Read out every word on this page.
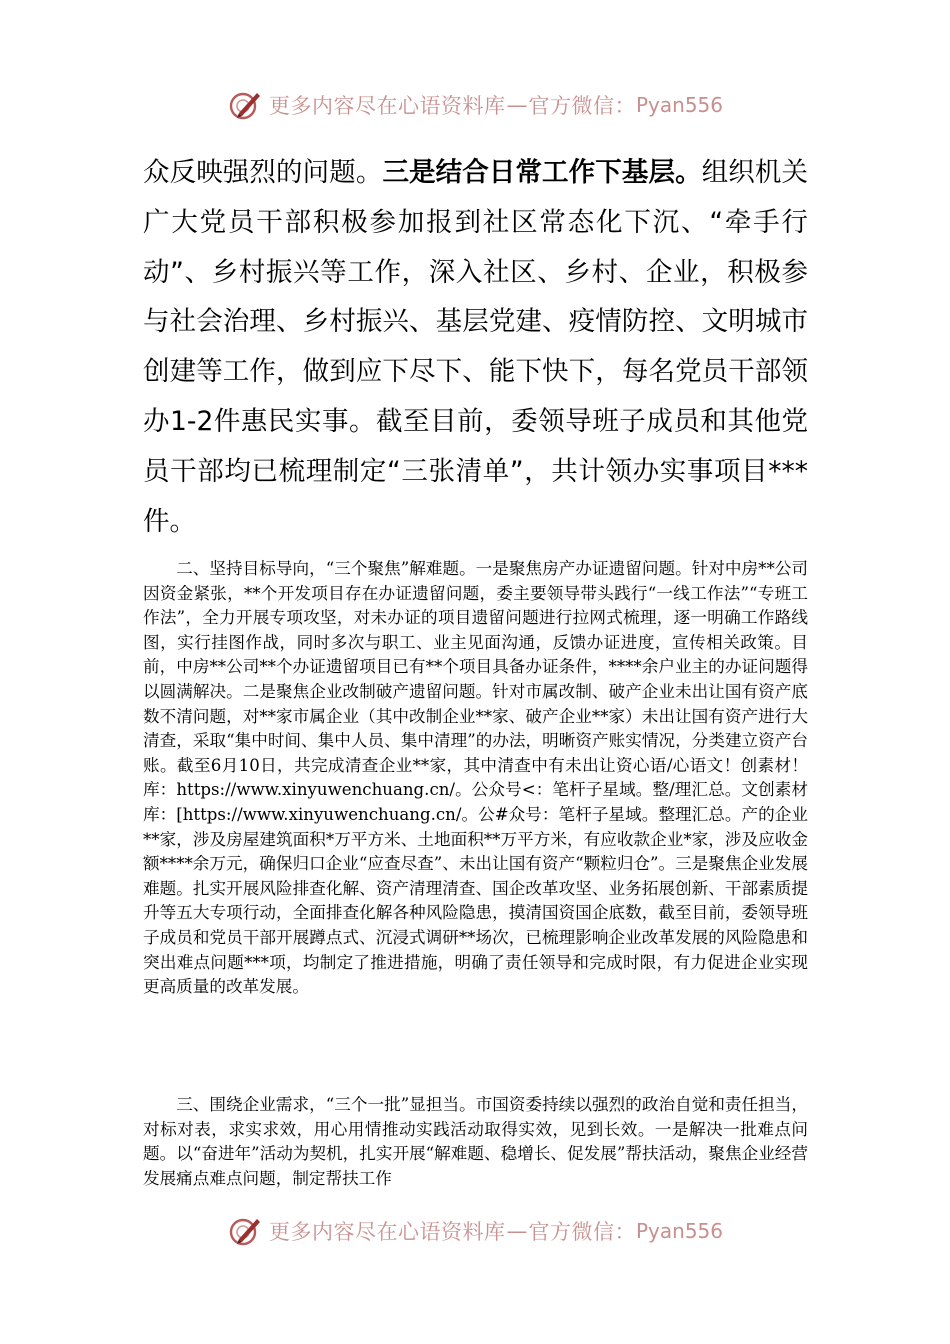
更多内容尽在心语资料库 — 官方微信： Pyan556

众反映强烈的问题。三是结合日常工作下基层。组织机关广大党员干部积极参加报到社区常态化下沉、“牵手行动”、乡村振兴等工作，深入社区、乡村、企业，积极参与社会治理、乡村振兴、基层党建、疫情防控、文明城市创建等工作，做到应下尽下、能下快下，每名党员干部领办1-2件惠民实事。截至目前，委领导班子成员和其他党员干部均已梳理制定“三张清单”，共计领办实事项目***件。

二、坚持目标导向，“三个聚焦”解难题。一是聚焦房产办证遗留问题。针对中房**公司因资金紧张，**个开发项目存在办证遗留问题，委主要领导带头践行“一线工作法”“专班工作法”，全力开展专项攻坚，对未办证的项目遗留问题进行拉网式梳理，逐一明确工作路线图，实行挂图作战，同时多次与职工、业主见面沟通，反馈办证进度，宣传相关政策。目前，中房**公司**个办证遗留项目已有**个项目具备办证条件，****余户业主的办证问题得以圆满解决。二是聚焦企业改制破产遗留问题。针对市属改制、破产企业未出让国有资产底数不清问题，对**家市属企业（其中改制企业**家、破产企业**家）未出让国有资产进行大清查，采取“集中时间、集中人员、集中清理”的办法，明晰资产账实情况，分类建立资产台账。截至6月10日，共完成清查企业**家，其中清查中有未出让资心语/心语文！创素材！库：https://www.xinyuwenchuang.cn/。公众号<：笔杆子星域。整/理汇总。文创素材库：[https://www.xinyuwenchuang.cn/。公#众号：笔杆子星域。整理汇总。产的企业**家，涉及房屋建筑面积*万平方米、土地面积**万平方米，有应收款企业*家，涉及应收金额****余万元，确保归口企业“应查尽查”、未出让国有资产“颗粒归仓”。三是聚焦企业发展难题。扎实开展风险排查化解、资产清理清查、国企改革攻坚、业务拓展创新、干部素质提升等五大专项行动，全面排查化解各种风险隐患，摸清国资国企底数，截至目前，委领导班子成员和党员干部开展蹲点式、沉浸式调研**场次，已梳理影响企业改革发展的风险隐患和突出难点问题***项，均制定了推进措施，明确了责任领导和完成时限，有力促进企业实现更高质量的改革发展。

三、围绕企业需求，“三个一批”显担当。市国资委持续以强烈的政治自觉和责任担当，对标对表，求实求效，用心用情推动实践活动取得实效，见到长效。一是解决一批难点问题。以“奋进年”活动为契机，扎实开展“解难题、稳增长、促发展”帮扶活动，聚焦企业经营发展痛点难点问题，制定帮扶工作

更多内容尽在心语资料库 — 官方微信： Pyan556
